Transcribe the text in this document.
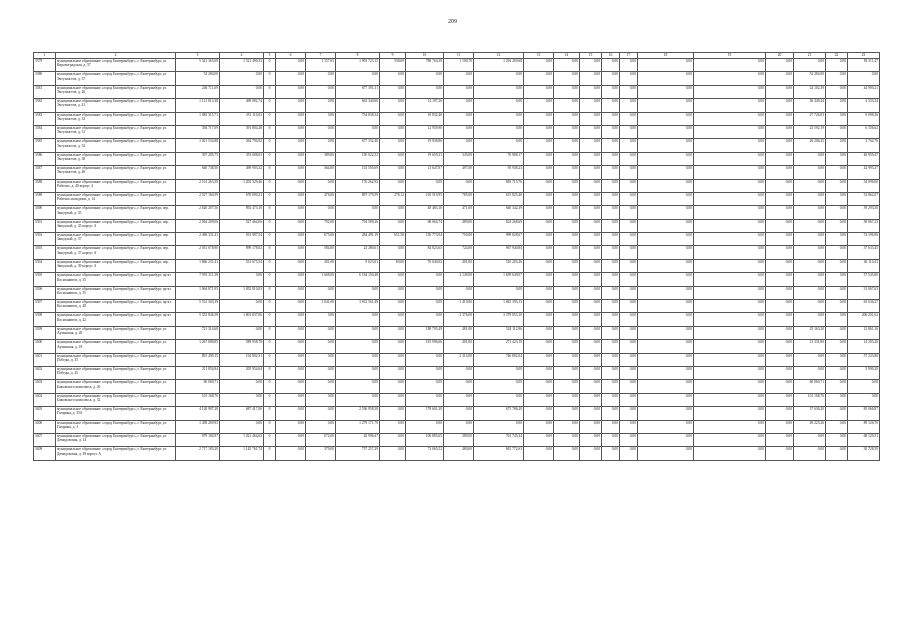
209
1	2	3	4	5	6	7	8	9	10	11	12	13	14	15	16	17	18	19	20	21	22	23
3379	муниципальное образование «город Екатеринбург», г. Екатеринбург, ул. Кировоградская, д. 37	5 541 365,69	1 521 490,33	0	0,00	1 157,65	1 903 723,15	338,69	788 764,59	1 100,70	1 294 269,68	0,00	0,00	0,00	0,00	0,00	0,00	0,00	0,00	0,00	0,00	83 311,47
3380	муниципальное образование «город Екатеринбург», г. Екатеринбург, ул. Энтузиастов, д. 37	52 284,00	0,00	0	0,00	0,00	0,00	0,00	0,00	0,00	0,00	0,00	0,00	0,00	0,00	0,00	0,00	0,00	0,00	52 284,00	0,00	0,00
3381	муниципальное образование «город Екатеринбург», г. Екатеринбург, ул. Энтузиастов, д. 26	246 711,69	0,00	0	0,00	0,00	677 391,31	0,00	0,00	0,00	0,00	0,00	0,00	0,00	0,00	0,00	0,00	0,00	0,00	24 102,39	0,00	44 900,21
3382	муниципальное образование «город Екатеринбург», г. Екатеринбург, ул. Энтузиастов, д. 41	1 121 813,38	469 082,74	0	0,00	0,00	663 340,60	0,00	14 187,26	0,00	0,00	0,00	0,00	0,00	0,00	0,00	0,00	0,00	0,00	36 449,44	0,00	4 333,24
3383	муниципальное образование «город Екатеринбург», г. Екатеринбург, ул. Энтузиастов, д. 33	1 083 315,71	351 110,63	0	0,00	0,00	734 838,34	0,00	10 832,40	0,00	0,00	0,00	0,00	0,00	0,00	0,00	0,00	0,00	0,00	27 726,03	0,00	9 098,36
3384	муниципальное образование «город Екатеринбург», г. Екатеринбург, ул. Энтузиастов, д. 31	394 717,09	391 804,28	0	0,00	0,00	0,00	0,00	12 959,90	0,00	0,00	0,00	0,00	0,00	0,00	0,00	0,00	0,00	0,00	23 592,19	0,00	6 356,62
3385	муниципальное образование «город Екатеринбург», г. Екатеринбург, ул. Энтузиастов, д. 32	1 021 534,88	264 794,92	0	0,00	0,00	677 332,40	0,00	19 938,86	0,00	0,00	0,00	0,00	0,00	0,00	0,00	0,00	0,00	0,00	26 206,25	0,00	3 762,76
3386	муниципальное образование «город Екатеринбург», г. Екатеринбург, ул. Энтузиастов, д. 38	397 285,75	353 608,63	0	0,00	389,00	150 022,52	0,00	19 659,21	345,00	76 908,17	0,00	0,00	0,00	0,00	0,00	0,00	0,00	0,00	0,00	0,00	40 959,47
3387	муниципальное образование «город Екатеринбург», г. Екатеринбург, ул. Энтузиастов, д. 46	640 748,50	490 903,32	0	0,00	364,00	133 505,69	0,00	13 647,87	497,00	95 938,23	0,00	0,00	0,00	0,00	0,00	0,00	0,00	0,00	0,00	0,00	42 993,37
3388	муниципальное образование «город Екатеринбург», г. Екатеринбург, ул. Рабочих, д. 49 корпус 4	2 161 263,50	1 203 329,46	0	0,00	0,00	176 262,92	0,00	0,00	0,00	683 715,76	0,00	0,00	0,00	0,00	0,00	0,00	0,00	0,00	0,00	0,00	54 096,00
3389	муниципальное образование «город Екатеринбург», г. Екатеринбург, ул. Рабочих молодежи, д. 14	2 527 160,59	670 090,21	0	0,00	476,00	897 179,59	278,12	165 519,95	785,00	615 825,40	0,00	0,00	0,00	0,00	0,00	0,00	0,00	0,00	0,00	0,00	33 862,07
3390	муниципальное образование «город Екатеринбург», г. Екатеринбург, пер. Заводской, д. 35	2 620 207,56	892 473,10	0	0,00	0,00	0,00	0,00	48 483,10	471,00	640 342,39	0,00	0,00	0,00	0,00	0,00	0,00	0,00	0,00	0,00	0,00	39 293,50
3391	муниципальное образование «город Екатеринбург», г. Екатеринбург, пер. Заводской, д. 35 корпус А	2 064 209,06	527 464,06	0	0,00	702,00	794 589,26	0,00	68 064,74	489,00	624 268,69	0,00	0,00	0,00	0,00	0,00	0,00	0,00	0,00	0,00	0,00	50 067,23
3392	муниципальное образование «город Екатеринбург», г. Екатеринбург, пер. Заводской, д. 37	2 469 331,41	591 987,54	0	0,00	675,00	284 491,19	651,50	156 773,04	750,00	999 028,67	0,00	0,00	0,00	0,00	0,00	0,00	0,00	0,00	0,00	0,00	74 196,96
3393	муниципальное образование «город Екатеринбург», г. Екатеринбург, пер. Заводской, д. 37 корпус А	2 051 678,90	899 178,02	0	0,00	584,00	23 280,61	0,00	84 823,65	724,00	967 940,84	0,00	0,00	0,00	0,00	0,00	0,00	0,00	0,00	0,00	0,00	37 633,45
3394	муниципальное образование «город Екатеринбург», г. Екатеринбург, пер. Заводской, д. 39 корпус А	1 866 231,41	531 675,54	0	0,00	401,00	9 023,01	69,00	76 040,02	401,00	510 203,26	0,00	0,00	0,00	0,00	0,00	0,00	0,00	0,00	0,00	0,00	46 110,41
3395	муниципальное образование «город Екатеринбург», г. Екатеринбург, пр-кт Космонавтов, д. 35	7 991 311,38	0,00	0	0,00	1 668,00	6 184 150,48	0,00	0,00	2 149,00	1 659 649,07	0,00	0,00	0,00	0,00	0,00	0,00	0,00	0,00	0,00	0,00	57 545,80
3396	муниципальное образование «город Екатеринбург», г. Екатеринбург, пр-кт Космонавтов, д. 35	1 064 871,95	1 052 810,03	0	0,00	0,00	0,00	0,00	0,00	0,00	0,00	0,00	0,00	0,00	0,00	0,00	0,00	0,00	0,00	0,00	0,00	31 067,63
3397	муниципальное образование «город Екатеринбург», г. Екатеринбург, пр-кт Космонавтов, д. 48	5 512 303,39	0,00	0	0,00	1 041,00	3 812 561,49	0,00	0,00	1 410,00	1 845 393,13	0,00	0,00	0,00	0,00	0,00	0,00	0,00	0,00	0,00	0,00	65 636,27
3398	муниципальное образование «город Екатеринбург», г. Екатеринбург, пр-кт Космонавтов, д. 22	5 352 846,58	1 801 837,06	0	0,00	0,00	0,00	0,00	0,00	2 376,00	3 379 053,10	0,00	0,00	0,00	0,00	0,00	0,00	0,00	0,00	0,00	0,00	206 201,62
3399	муниципальное образование «город Екатеринбург», г. Екатеринбург, ул. Артинская, д. 20	721 314,68	0,00	0	0,00	0,00	0,00	0,00	188 795,49	481,00	524 112,96	0,00	0,00	0,00	0,00	0,00	0,00	0,00	0,00	25 163,20	0,00	12 861,16
3400	муниципальное образование «город Екатеринбург», г. Екатеринбург, ул. Артинская, д. 18	1 267 808,85	589 958,78	0	0,00	0,00	0,00	0,00	181 996,66	401,00	271 423,10	0,00	0,00	0,00	0,00	0,00	0,00	0,00	0,00	13 331,80	0,00	14 203,20
3401	муниципальное образование «город Екатеринбург», г. Екатеринбург, ул. Победы, д. 35	891 499,15	194 802,31	0	0,00	0,00	0,00	0,00	0,00	2 314,00	746 802,04	0,00	0,00	0,00	0,00	0,00	0,00	0,00	0,00	0,00	0,00	57 233,80
3402	муниципальное образование «город Екатеринбург», г. Екатеринбург, ул. Победы, д. 45	211 854,84	205 954,64	0	0,00	0,00	0,00	0,00	0,00	0,00	0,00	0,00	0,00	0,00	0,00	0,00	0,00	0,00	0,00	0,00	0,00	5 900,20
3403	муниципальное образование «город Екатеринбург», г. Екатеринбург, ул. Бажовского комплекса, д. 26	60 069,71	0,00	0	0,00	0,00	0,00	0,00	0,00	0,00	0,00	0,00	0,00	0,00	0,00	0,00	0,00	0,00	0,00	60 069,71	0,00	0,00
3404	муниципальное образование «город Екатеринбург», г. Екатеринбург, ул. Бажовского комплекса, д. 32	101 168,76	0,00	0	0,00	0,00	0,00	0,00	0,00	0,00	0,00	0,00	0,00	0,00	0,00	0,00	0,00	0,00	0,00	101 168,76	0,00	0,00
3405	муниципальное образование «город Екатеринбург», г. Екатеринбург, ул. Гагарина, д. 55А	4 120 987,28	687 417,00	0	0,00	0,00	2 536 958,38	0,00	178 601,20	0,00	675 786,20	0,00	0,00	0,00	0,00	0,00	0,00	0,00	0,00	37 636,20	0,00	85 066,87
3406	муниципальное образование «город Екатеринбург», г. Екатеринбург, ул. Гагарина, д. 3	1 458 269,93	0,00	0	0,00	0,00	1 279 171,79	0,00	0,00	0,00	0,00	0,00	0,00	0,00	0,00	0,00	0,00	0,00	0,00	49 225,26	0,00	89 126,70
3407	муниципальное образование «город Екатеринбург», г. Екатеринбург, ул. Демидовская, д. 14	979 184,97	1 021 464,62	0	0,00	672,00	20 996,47	0,00	106 885,65	389,00	761 745,34	0,00	0,00	0,00	0,00	0,00	0,00	0,00	0,00	0,00	0,00	68 129,51
3408	муниципальное образование «город Екатеринбург», г. Екатеринбург, ул. Демидовская, д. 18 корпус А	2 717 183,20	1 145 761,74	0	0,00	379,00	757 257,29	0,00	72 065,52	480,00	681 772,63	0,00	0,00	0,00	0,00	0,00	0,00	0,00	0,00	0,00	0,00	30 728,59
